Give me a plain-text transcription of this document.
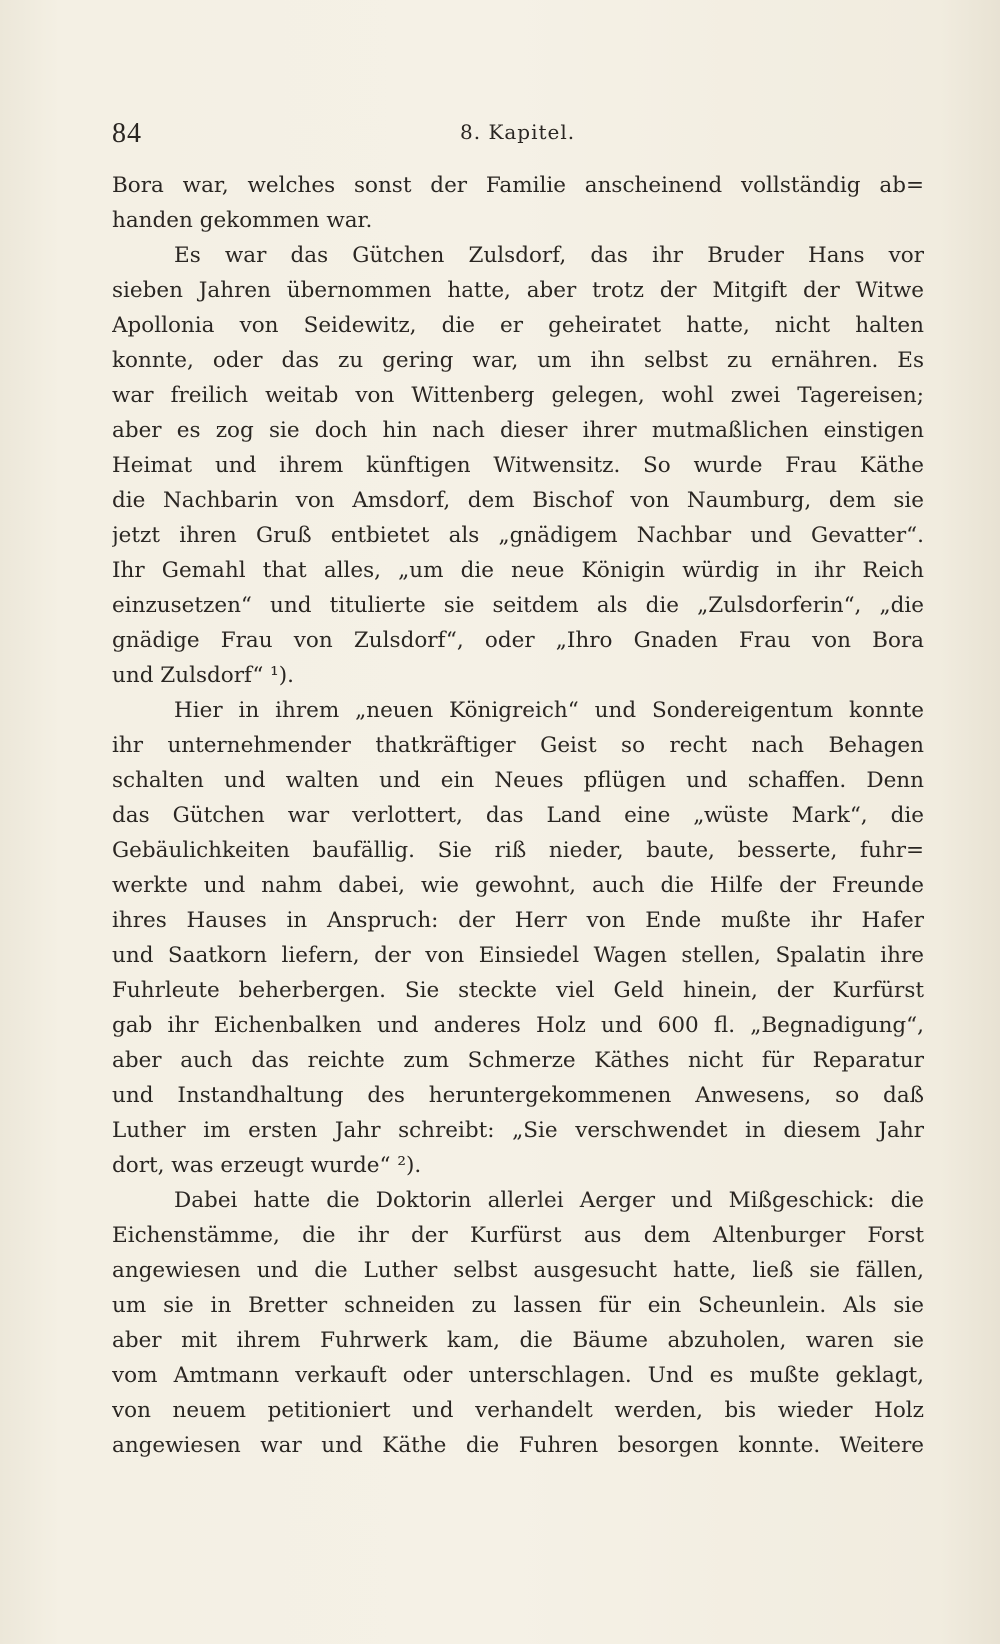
84	8. Kapitel.
Bora war, welches sonst der Familie anscheinend vollständig ab=
handen gekommen war.
Es war das Gütchen Zulsdorf, das ihr Bruder Hans vor
sieben Jahren übernommen hatte, aber trotz der Mitgift der Witwe
Apollonia von Seidewitz, die er geheiratet hatte, nicht halten
konnte, oder das zu gering war, um ihn selbst zu ernähren. Es
war freilich weitab von Wittenberg gelegen, wohl zwei Tagereisen;
aber es zog sie doch hin nach dieser ihrer mutmaßlichen einstigen
Heimat und ihrem künftigen Witwensitz. So wurde Frau Käthe
die Nachbarin von Amsdorf, dem Bischof von Naumburg, dem sie
jetzt ihren Gruß entbietet als „gnädigem Nachbar und Gevatter“.
Ihr Gemahl that alles, „um die neue Königin würdig in ihr Reich
einzusetzen“ und titulierte sie seitdem als die „Zulsdorferin“, „die
gnädige Frau von Zulsdorf“, oder „Ihro Gnaden Frau von Bora
und Zulsdorf“ ¹).
Hier in ihrem „neuen Königreich“ und Sondereigentum konnte
ihr unternehmender thatkräftiger Geist so recht nach Behagen
schalten und walten und ein Neues pflügen und schaffen. Denn
das Gütchen war verlottert, das Land eine „wüste Mark“, die
Gebäulichkeiten baufällig. Sie riß nieder, baute, besserte, fuhr=
werkte und nahm dabei, wie gewohnt, auch die Hilfe der Freunde
ihres Hauses in Anspruch: der Herr von Ende mußte ihr Hafer
und Saatkorn liefern, der von Einsiedel Wagen stellen, Spalatin ihre
Fuhrleute beherbergen. Sie steckte viel Geld hinein, der Kurfürst
gab ihr Eichenbalken und anderes Holz und 600 fl. „Begnadigung“,
aber auch das reichte zum Schmerze Käthes nicht für Reparatur
und Instandhaltung des heruntergekommenen Anwesens, so daß
Luther im ersten Jahr schreibt: „Sie verschwendet in diesem Jahr
dort, was erzeugt wurde“ ²).
Dabei hatte die Doktorin allerlei Aerger und Mißgeschick: die
Eichenstämme, die ihr der Kurfürst aus dem Altenburger Forst
angewiesen und die Luther selbst ausgesucht hatte, ließ sie fällen,
um sie in Bretter schneiden zu lassen für ein Scheunlein. Als sie
aber mit ihrem Fuhrwerk kam, die Bäume abzuholen, waren sie
vom Amtmann verkauft oder unterschlagen. Und es mußte geklagt,
von neuem petitioniert und verhandelt werden, bis wieder Holz
angewiesen war und Käthe die Fuhren besorgen konnte. Weitere
